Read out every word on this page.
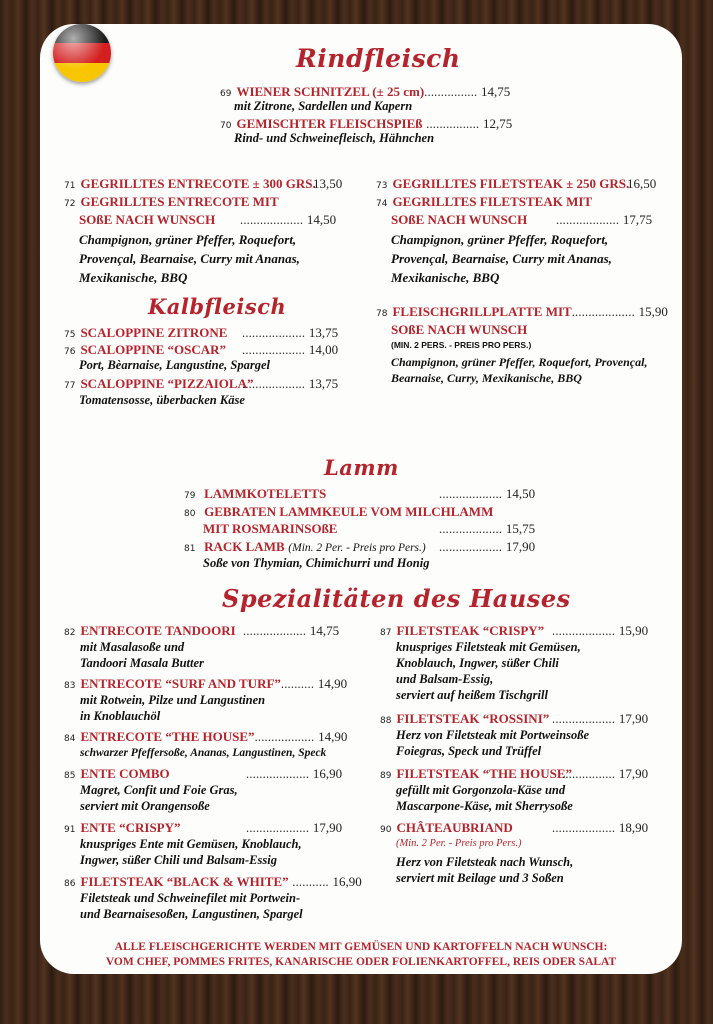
Rindfleisch
69 WIENER SCHNITZEL (± 25 cm)................ 14,75
mit Zitrone, Sardellen und Kapern
70 GEMISCHTER FLEISCHSPIEß ................ 12,75
Rind- und Schweinefleisch, Hähnchen
71 GEGRILLTES ENTRECOTE ± 300 GRS.
13,50
72 GEGRILLTES ENTRECOTE MIT
SOßE NACH WUNSCH ................... 14,50
Champignon, grüner Pfeffer, Roquefort,
Provençal, Bearnaise, Curry mit Ananas,
Mexikanische, BBQ
73 GEGRILLTES FILETSTEAK ± 250 GRS.
16,50
74 GEGRILLTES FILETSTEAK MIT
SOßE NACH WUNSCH ................... 17,75
Champignon, grüner Pfeffer, Roquefort,
Provençal, Bearnaise, Curry mit Ananas,
Mexikanische, BBQ
Kalbfleisch
75 SCALOPPINE ZITRONE ................... 13,75
76 SCALOPPINE “OSCAR” ................... 14,00
Port, Bèarnaise, Langustine, Spargel
77 SCALOPPINE “PIZZAIOLA”
................... 13,75
Tomatensosse, überbacken Käse
78 FLEISCHGRILLPLATTE MIT................... 15,90
SOßE NACH WUNSCH
(MIN. 2 PERS. - PREIS PRO PERS.)
Champignon, grüner Pfeffer, Roquefort, Provençal,
Bearnaise, Curry, Mexikanische, BBQ
Lamm
79 LAMMKOTELETTS	................... 14,50
80 GEBRATEN LAMMKEULE VOM MILCHLAMM
MIT ROSMARINSOßE	................... 15,75
81 RACK LAMB (Min. 2 Per. - Preis pro Pers.) ................... 17,90
Soße von Thymian, Chimichurri und Honig
Spezialitäten des Hauses
82 ENTRECOTE TANDOORI ................... 14,75
mit Masalasoße und
Tandoori Masala Butter
83 ENTRECOTE “SURF AND TURF”.......... 14,90
mit Rotwein, Pilze und Langustinen
in Knoblauchöl
84 ENTRECOTE “THE HOUSE”.................. 14,90
schwarzer Pfeffersoße, Ananas, Langustinen, Speck
85 ENTE COMBO	................... 16,90
Magret, Confit und Foie Gras,
serviert mit Orangensoße
91 ENTE “CRISPY”	................... 17,90
knuspriges Ente mit Gemüsen, Knoblauch,
Ingwer, süßer Chili und Balsam-Essig
86 FILETSTEAK “BLACK & WHITE” ........... 16,90
Filetsteak und Schweinefilet mit Portwein-
und Bearnaisesoßen, Langustinen, Spargel
87 FILETSTEAK “CRISPY” ................... 15,90
knuspriges Filetsteak mit Gemüsen,
Knoblauch, Ingwer, süßer Chili
und Balsam-Essig,
serviert auf heißem Tischgrill
88 FILETSTEAK “ROSSINI” ................... 17,90
Herz von Filetsteak mit Portweinsoße
Foiegras, Speck und Trüffel
89 FILETSTEAK “THE HOUSE”
................ 17,90
gefüllt mit Gorgonzola-Käse und
Mascarpone-Käse, mit Sherrysoße
90 CHÂTEAUBRIAND	................... 18,90
(Min. 2 Per. - Preis pro Pers.)
Herz von Filetsteak nach Wunsch,
serviert mit Beilage und 3 Soßen
ALLE FLEISCHGERICHTE WERDEN MIT GEMÜSEN UND KARTOFFELN NACH WUNSCH:
VOM CHEF, POMMES FRITES, KANARISCHE ODER FOLIENKARTOFFEL, REIS ODER SALAT
